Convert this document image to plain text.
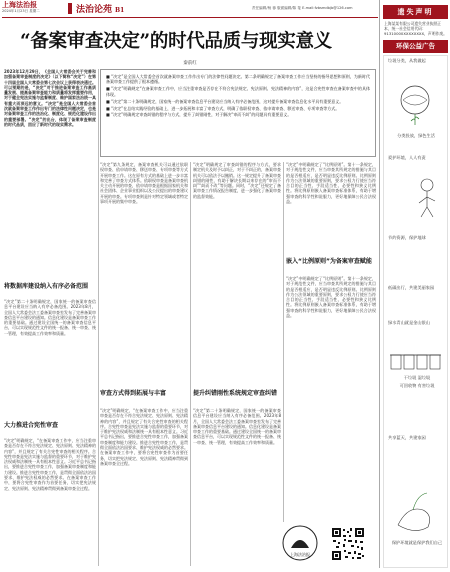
上海法治报
2024年1月23日 星期二	法治论苑 B1	责任编辑/杨 蓉 版面编辑/陈 斐 E-mail:fzbsmdbjb@126.com
“备案审查决定”的时代品质与现实意义
秦前红
2023年12月29日，《全国人大常委会关于完善和加强备案审查制度的决定》（以下简称“决定”）在第十四届全国人大常委会第七次会议上获得表决通过。可以预期的是，“决定”对于推进备案审查工作高质量发展、提高备案审查能力和质量将发挥重要作用，对于健全宪法实施与监督制度、维护国家法治统一具有重大而深远的意义。“决定”是全国人大常委会首次就备案审查工作作出专门的法律性问题决定，也是对备案审查工作的法治化、制度化、规范化建设作出的重要部署。“决定”的出台，体现了备案审查制度的时代品质，回应了新时代的现实需求。
将数据库建设纳入有序必备范围
“决定”第二十条明确规定，国家统一的备案审查信息平台建设应当纳入有序必备范围。2023年8月，全国人大常委会法工委备案审查室发布了完善备案审查信息平台建设的通知。信息化建设是备案审查工作的重要基础。通过建设全国统一的备案审查信息平台，可以实现规范性文件的统一报备、统一审查、统一管理，有效提高工作效率和质量。
大力推进合宪性审查
“决定”明确规定，“在备案审查工作中，应当注重审查是否存在不符合宪法规定、宪法原则、宪法精神的内容”，并且规定了有关合宪性审查的相关程序。合宪性审查是宪法实施与监督的重要环节，对于维护宪法权威和法制统一具有根本性意义。习近平总书记指出，要推进合宪性审查工作，加强备案审查制度和能力建设。推进合宪性审查工作，是贯彻全面依法治国要求、维护宪法权威的必然要求。在备案审查工作中，要将合宪性审查作为首要任务，切实把宪法规定、宪法原则、宪法精神贯彻到备案审查全过程。
■ “决定”是全国人大常委会首次就备案审查工作作出专门的法律性问题决定。第二条明确规定了备案审查工作应当坚持的指导思想和原则，为新时代备案审查工作提供了根本遵循。
■ “决定”明确规定“在备案审查工作中，应当注重审查是否存在不符合宪法规定、宪法原则、宪法精神的内容”，这是合宪性审查在备案审查中的具体体现。
■ “决定”第二十条明确规定，国家统一的备案审查信息平台建设应当纳入有序必备范围，这对提升备案审查信息化水平具有重要意义。
■ “决定”在总结实践经验的基础上，进一步拓展和丰富了审查方式，明确了依职权审查、依申请审查、移送审查、专项审查等方式。
■ “决定”明确规定审查纠错的程序与方式，提升了纠错刚性，对于解决“审而不纠”的问题具有重要意义。
“决定”第九条规定，备案审查机关可以通过依职权审查、依申请审查、移送审查、专项审查等方式开展审查工作。这在原有方式的基础上进一步丰富和完善了审查方式体系。依职权审查是备案审查机关主动开展的审查，依申请审查是根据国家机关和社会团体、企业事业组织以及公民提出的审查建议开展的审查。专项审查则是针对特定领域或者特定事项开展的集中审查。
审查方式得到拓展与丰富
“决定”明确规定，“在备案审查工作中，应当注重审查是否存在不符合宪法规定、宪法原则、宪法精神的内容”，并且规定了有关合宪性审查的相关程序。合宪性审查是宪法实施与监督的重要环节，对于维护宪法权威和法制统一具有根本性意义。习近平总书记指出，要推进合宪性审查工作，加强备案审查制度和能力建设。推进合宪性审查工作，是贯彻全面依法治国要求、维护宪法权威的必然要求。在备案审查工作中，要将合宪性审查作为首要任务，切实把宪法规定、宪法原则、宪法精神贯彻到备案审查全过程。
“决定”明确规定了审查纠错的程序与方式，要求制定机关及时予以纠正，对于不纠正的，备案审查机关可以依法予以撤销。这一规定提升了备案审查纠错的刚性，有助于解决长期以来存在的“审而不纠”“纠而不改”等问题。同时，“决定”还规定了备案审查工作情况报告制度，进一步强化了备案审查的监督效能。
提升纠错刚性系统规定审查纠错
“决定”第二十条明确规定，国家统一的备案审查信息平台建设应当纳入有序必备范围。2023年8月，全国人大常委会法工委备案审查室发布了完善备案审查信息平台建设的通知。信息化建设是备案审查工作的重要基础。通过建设全国统一的备案审查信息平台，可以实现规范性文件的统一报备、统一审查、统一管理，有效提高工作效率和质量。
“决定”中明确规定了“比例原则”。第十一条规定，对于规范性文件，应当审查其所规定的措施与其目的是否相适应，是否明显违反比例原则。比例原则作为公法领域的重要原则，要求公权力行使应当符合目的正当性、手段适当性、必要性和狭义比例性。将比例原则嵌入备案审查标准体系，有助于增强审查的科学性和说服力，更好地保障公民合法权益。
嵌入“比例原则”为备案审查赋能
“决定”中明确规定了“比例原则”。第十一条规定，对于规范性文件，应当审查其所规定的措施与其目的是否相适应，是否明显违反比例原则。比例原则作为公法领域的重要原则，要求公权力行使应当符合目的正当性、手段适当性、必要性和狭义比例性。将比例原则嵌入备案审查标准体系，有助于增强审查的科学性和说服力，更好地保障公民合法权益。
上海法治报
遗失声明
上海某某有限公司遗失营业执照正本，统一社会信用代码：91310000XXXXXXXX，声明作废。
环保公益广告
垃圾分类，从我做起
分类投放，绿色生活
爱护环境，人人有责
节约资源，保护地球
低碳出行，共建美丽家园
绿水青山就是金山银山
干垃圾 湿垃圾
可回收物 有害垃圾
共享蓝天，共建家园
保护环境就是保护我们自己
